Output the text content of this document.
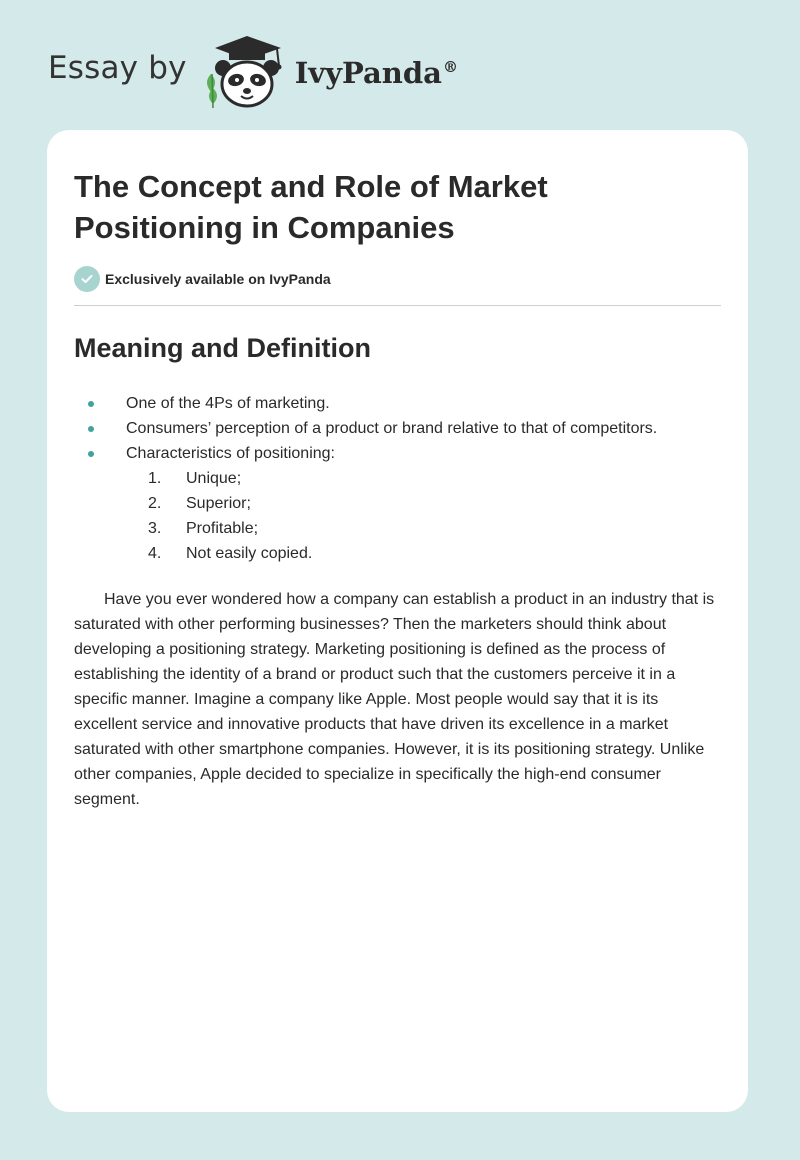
Essay by	IvyPanda®
The Concept and Role of Market Positioning in Companies
Exclusively available on IvyPanda
Meaning and Definition
One of the 4Ps of marketing.
Consumers’ perception of a product or brand relative to that of competitors.
Characteristics of positioning:
1. Unique;
2. Superior;
3. Profitable;
4. Not easily copied.

Have you ever wondered how a company can establish a product in an industry that is saturated with other performing businesses? Then the marketers should think about developing a positioning strategy. Marketing positioning is defined as the process of establishing the identity of a brand or product such that the customers perceive it in a specific manner. Imagine a company like Apple. Most people would say that it is its excellent service and innovative products that have driven its excellence in a market saturated with other smartphone companies. However, it is its positioning strategy. Unlike other companies, Apple decided to specialize in specifically the high-end consumer segment.
